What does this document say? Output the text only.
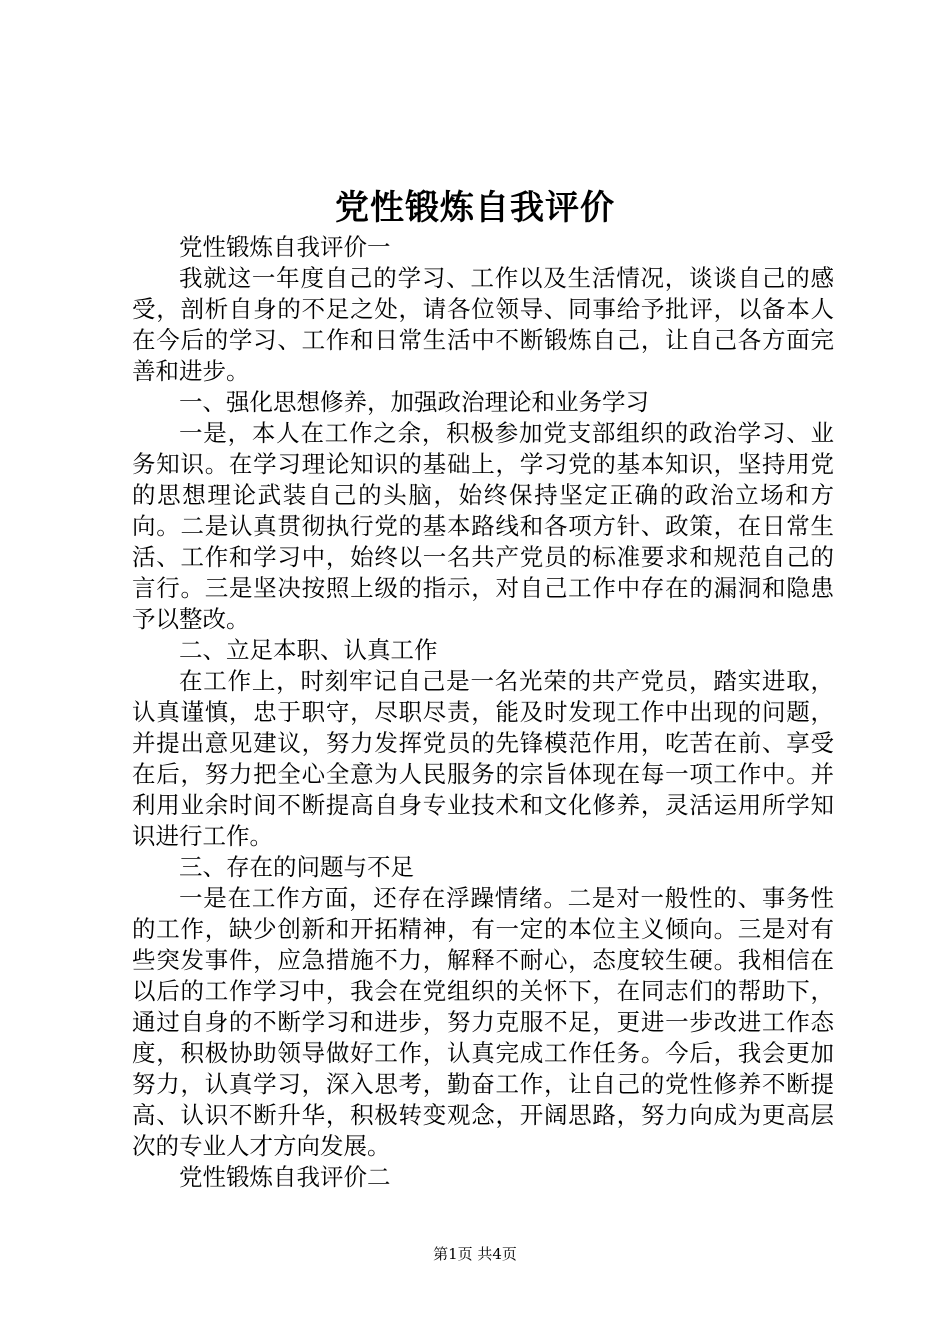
党性锻炼自我评价

党性锻炼自我评价一

我就这一年度自己的学习、工作以及生活情况，谈谈自己的感受，剖析自身的不足之处，请各位领导、同事给予批评，以备本人在今后的学习、工作和日常生活中不断锻炼自己，让自己各方面完善和进步。

一、强化思想修养，加强政治理论和业务学习

一是，本人在工作之余，积极参加党支部组织的政治学习、业务知识。在学习理论知识的基础上，学习党的基本知识，坚持用党的思想理论武装自己的头脑，始终保持坚定正确的政治立场和方向。二是认真贯彻执行党的基本路线和各项方针、政策，在日常生活、工作和学习中，始终以一名共产党员的标准要求和规范自己的言行。三是坚决按照上级的指示，对自己工作中存在的漏洞和隐患予以整改。

二、立足本职、认真工作

在工作上，时刻牢记自己是一名光荣的共产党员，踏实进取，认真谨慎，忠于职守，尽职尽责，能及时发现工作中出现的问题，并提出意见建议，努力发挥党员的先锋模范作用，吃苦在前、享受在后，努力把全心全意为人民服务的宗旨体现在每一项工作中。并利用业余时间不断提高自身专业技术和文化修养，灵活运用所学知识进行工作。

三、存在的问题与不足

一是在工作方面，还存在浮躁情绪。二是对一般性的、事务性的工作，缺少创新和开拓精神，有一定的本位主义倾向。三是对有些突发事件，应急措施不力，解释不耐心，态度较生硬。我相信在以后的工作学习中，我会在党组织的关怀下，在同志们的帮助下，通过自身的不断学习和进步，努力克服不足，更进一步改进工作态度，积极协助领导做好工作，认真完成工作任务。今后，我会更加努力，认真学习，深入思考，勤奋工作，让自己的党性修养不断提高、认识不断升华，积极转变观念，开阔思路，努力向成为更高层次的专业人才方向发展。

党性锻炼自我评价二

第1页 共4页
